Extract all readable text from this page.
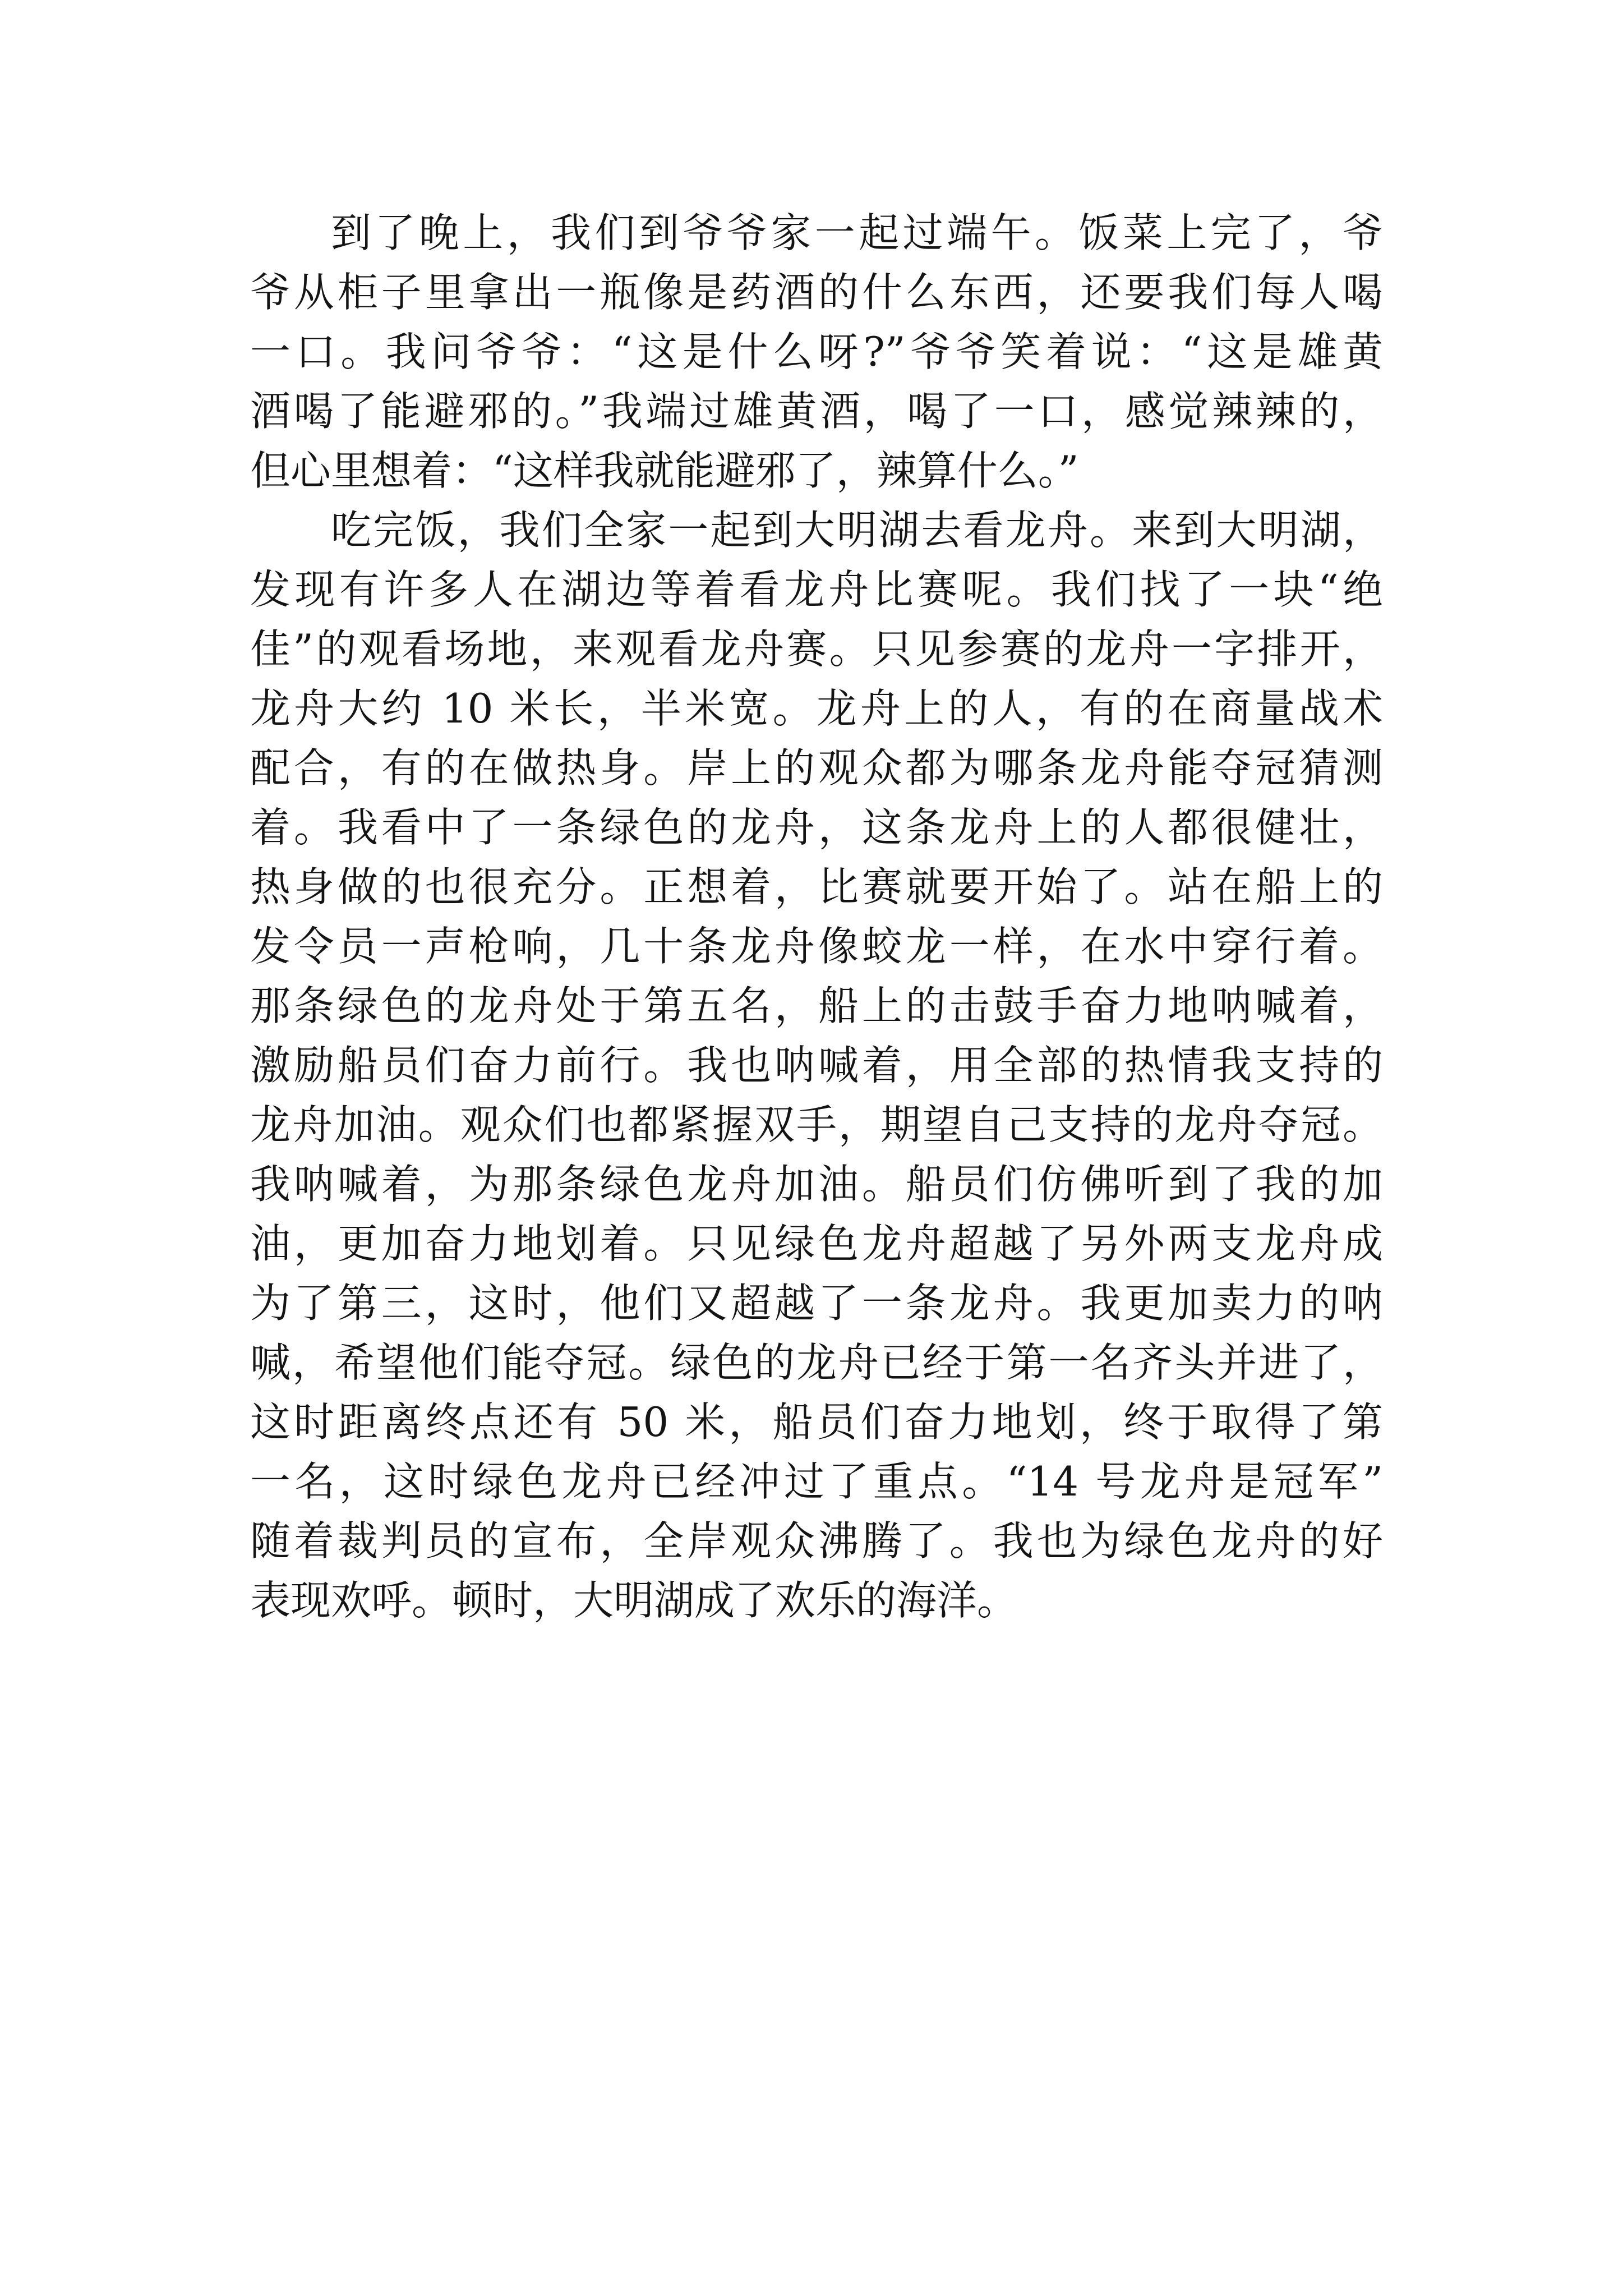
到了晚上，我们到爷爷家一起过端午。饭菜上完了，爷
爷从柜子里拿出一瓶像是药酒的什么东西，还要我们每人喝
一口。我问爷爷：“这是什么呀?”爷爷笑着说：“这是雄黄
酒喝了能避邪的。”我端过雄黄酒，喝了一口，感觉辣辣的，
但心里想着：“这样我就能避邪了，辣算什么。”
吃完饭，我们全家一起到大明湖去看龙舟。来到大明湖，
发现有许多人在湖边等着看龙舟比赛呢。我们找了一块“绝
佳”的观看场地，来观看龙舟赛。只见参赛的龙舟一字排开，
龙舟大约 10 米长，半米宽。龙舟上的人，有的在商量战术
配合，有的在做热身。岸上的观众都为哪条龙舟能夺冠猜测
着。我看中了一条绿色的龙舟，这条龙舟上的人都很健壮，
热身做的也很充分。正想着，比赛就要开始了。站在船上的
发令员一声枪响，几十条龙舟像蛟龙一样，在水中穿行着。
那条绿色的龙舟处于第五名，船上的击鼓手奋力地呐喊着，
激励船员们奋力前行。我也呐喊着，用全部的热情我支持的
龙舟加油。观众们也都紧握双手，期望自己支持的龙舟夺冠。
我呐喊着，为那条绿色龙舟加油。船员们仿佛听到了我的加
油，更加奋力地划着。只见绿色龙舟超越了另外两支龙舟成
为了第三，这时，他们又超越了一条龙舟。我更加卖力的呐
喊，希望他们能夺冠。绿色的龙舟已经于第一名齐头并进了，
这时距离终点还有 50 米，船员们奋力地划，终于取得了第
一名，这时绿色龙舟已经冲过了重点。“14 号龙舟是冠军”
随着裁判员的宣布，全岸观众沸腾了。我也为绿色龙舟的好
表现欢呼。顿时，大明湖成了欢乐的海洋。
